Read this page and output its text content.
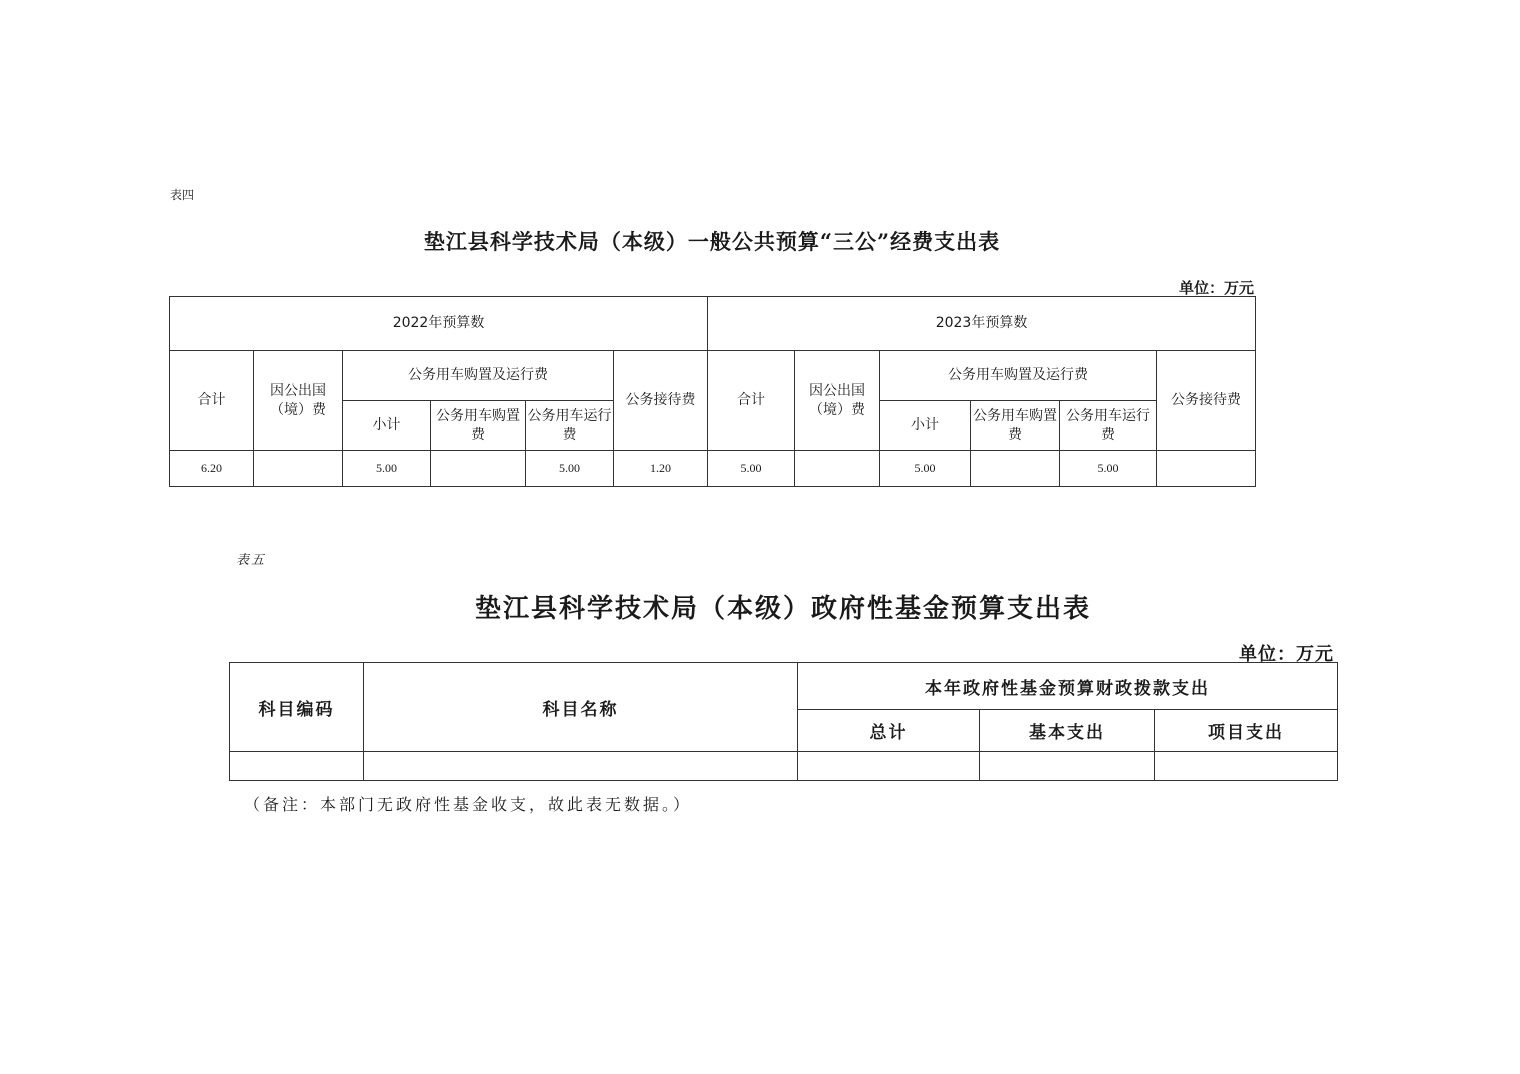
表四
垫江县科学技术局（本级）一般公共预算“三公”经费支出表
单位：万元
2022年预算数						2023年预算数					
合计	因公出国（境）费	公务用车购置及运行费			公务接待费	合计	因公出国（境）费	公务用车购置及运行费			公务接待费
		小计	公务用车购置费	公务用车运行费				小计	公务用车购置费	公务用车运行费	
6.20		5.00		5.00	1.20	5.00		5.00		5.00	
表五
垫江县科学技术局（本级）政府性基金预算支出表
单位：万元
科目编码	科目名称	本年政府性基金预算财政拨款支出		
		总计	基本支出	项目支出

（备注：本部门无政府性基金收支，故此表无数据。）
